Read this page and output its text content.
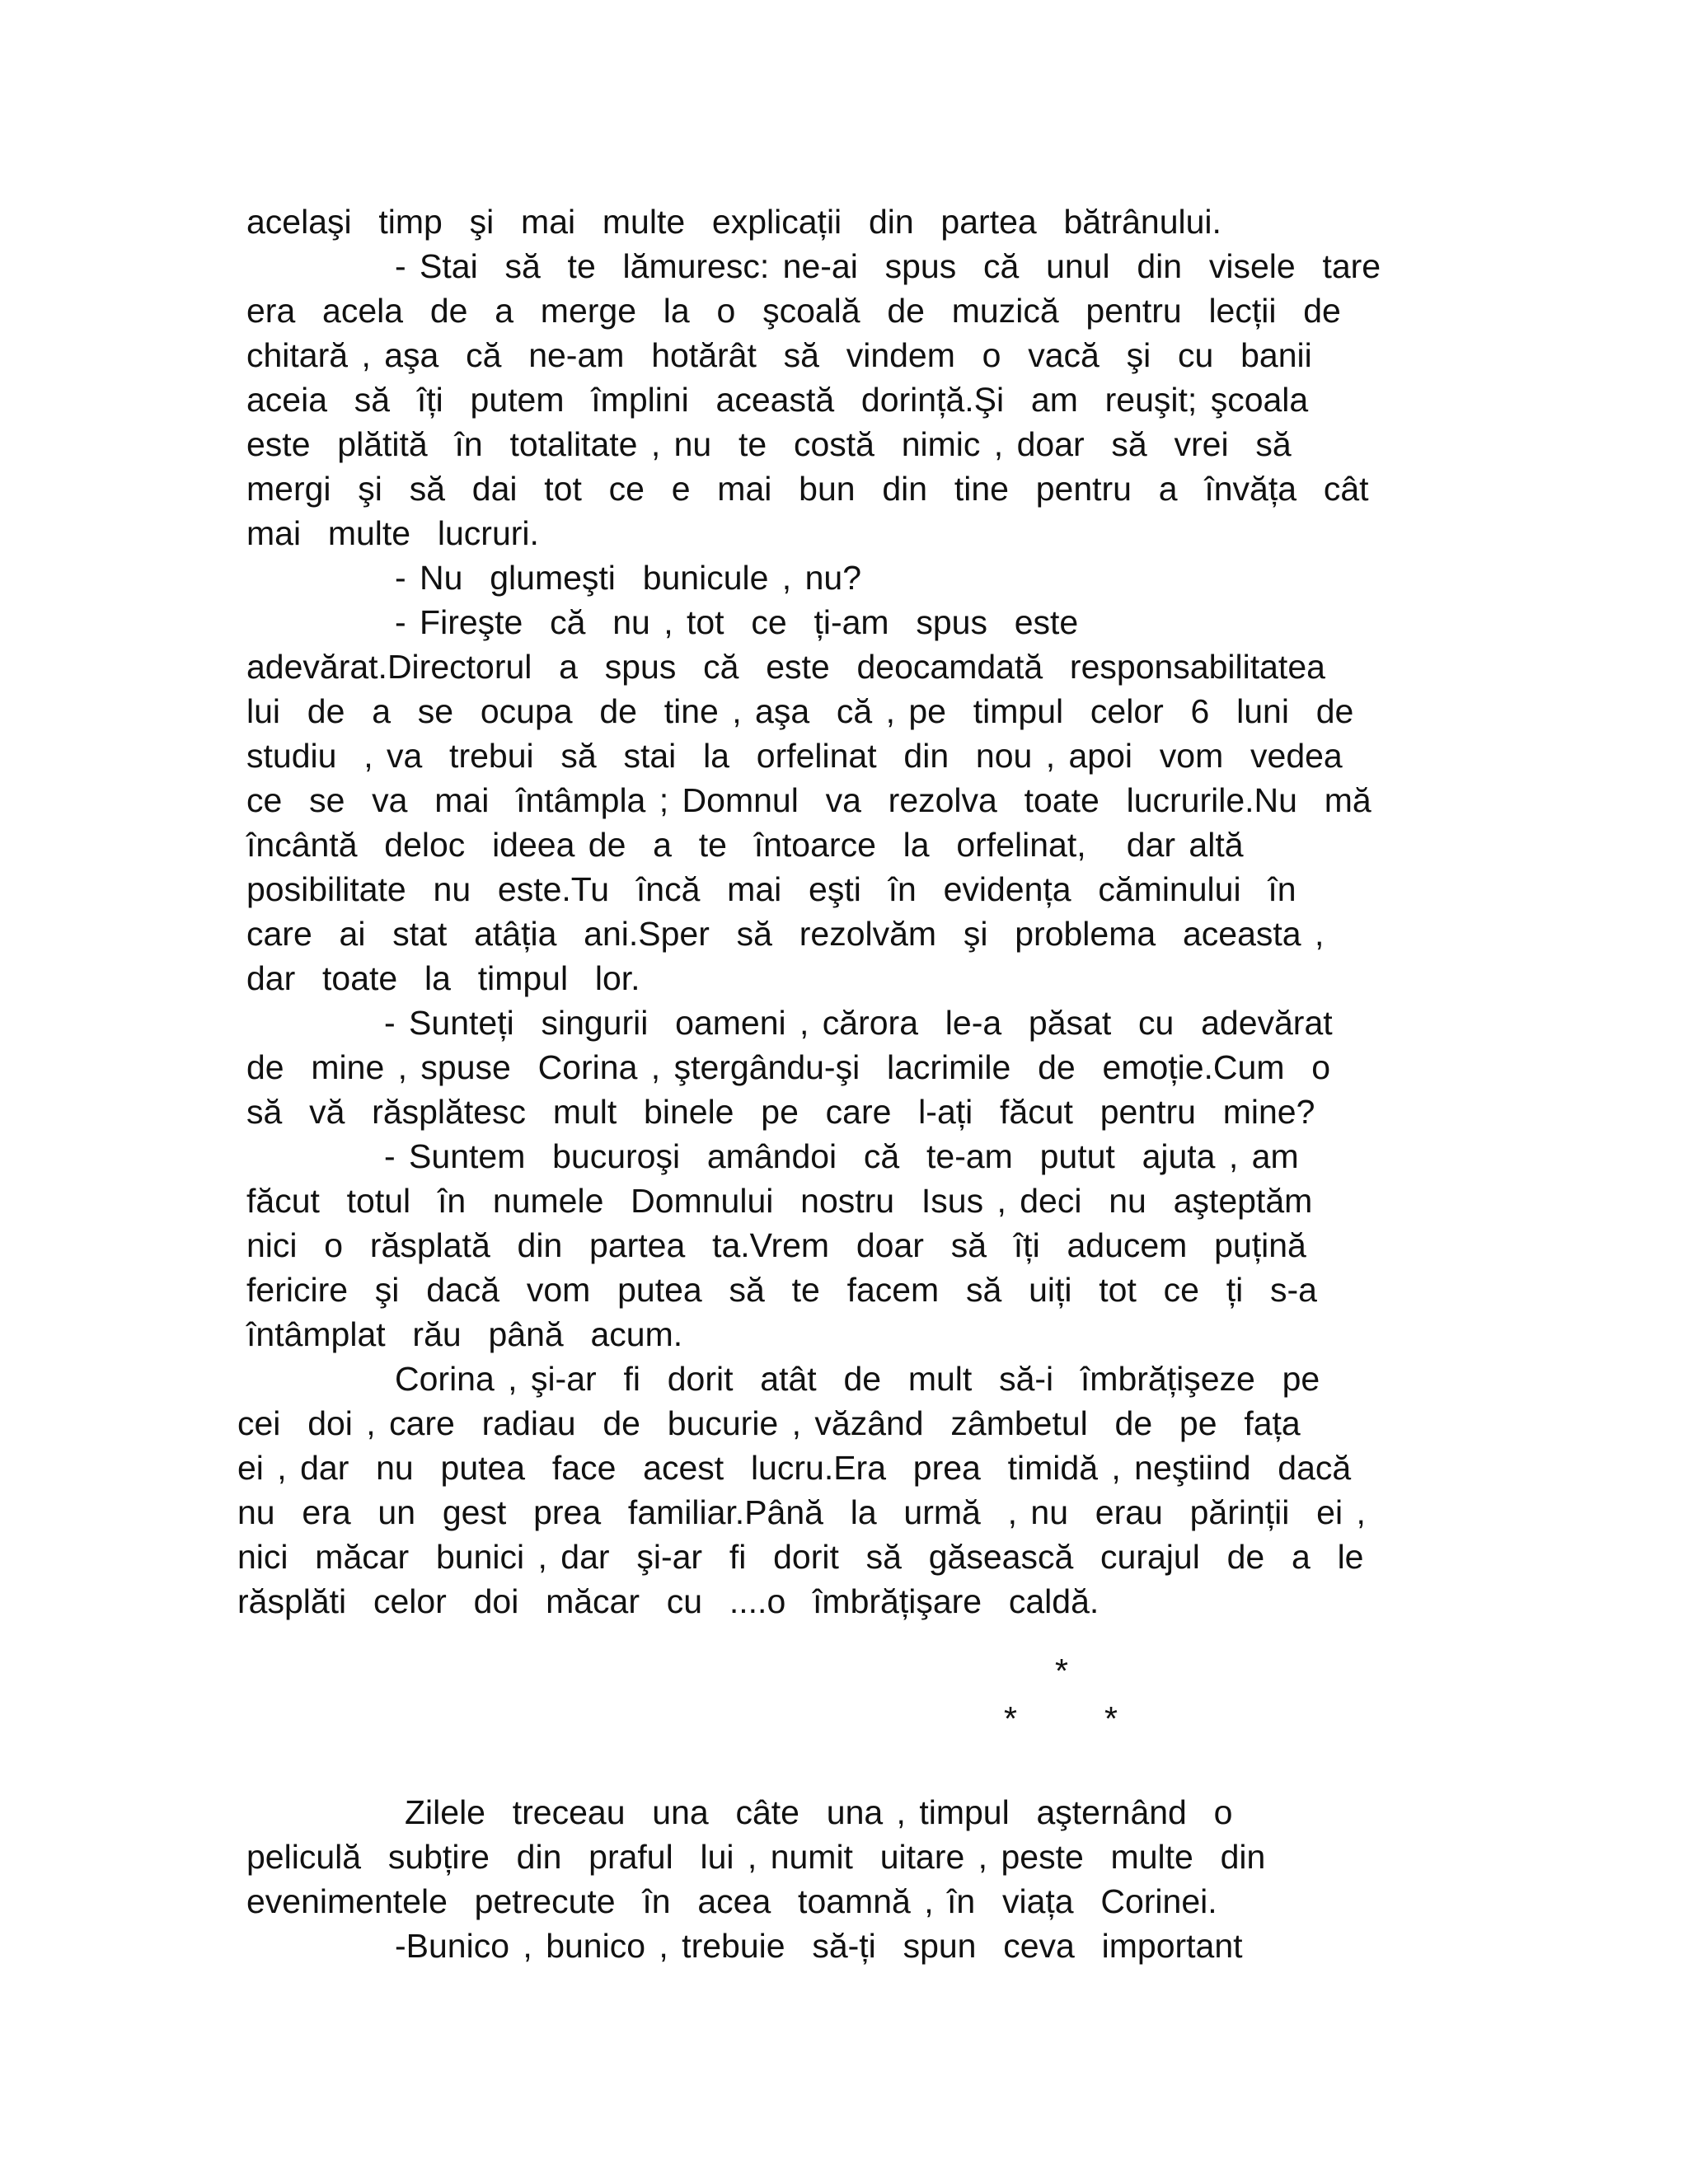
acelaşi  timp  şi  mai  multe  explicații  din  partea  bătrânului.

- Stai  să  te  lămuresc: ne-ai  spus  că  unul  din  visele  tare

era  acela  de  a  merge  la  o  şcoală  de  muzică  pentru  lecții  de

chitară , aşa  că  ne-am  hotărât  să  vindem  o  vacă  şi  cu  banii

aceia  să  îți  putem  împlini  această  dorință.Şi  am  reuşit; şcoala

este  plătită  în  totalitate , nu  te  costă  nimic , doar  să  vrei  să

mergi  şi  să  dai  tot  ce  e  mai  bun  din  tine  pentru  a  învăța  cât

mai  multe  lucruri.

- Nu  glumeşti  bunicule , nu?

- Fireşte  că  nu , tot  ce  ți-am  spus  este

adevărat.Directorul  a  spus  că  este  deocamdată  responsabilitatea

lui  de  a  se  ocupa  de  tine , aşa  că , pe  timpul  celor  6  luni  de

studiu  , va  trebui  să  stai  la  orfelinat  din  nou , apoi  vom  vedea

ce  se  va  mai  întâmpla ; Domnul  va  rezolva  toate  lucrurile.Nu  mă

încântă  deloc  ideea de  a  te  întoarce  la  orfelinat,   dar altă

posibilitate  nu  este.Tu  încă  mai  eşti  în  evidența  căminului  în

care  ai  stat  atâția  ani.Sper  să  rezolvăm  şi  problema  aceasta ,

dar  toate  la  timpul  lor.

- Sunteți  singurii  oameni , cărora  le-a  păsat  cu  adevărat

de  mine , spuse  Corina , ştergându-şi  lacrimile  de  emoție.Cum  o

să  vă  răsplătesc  mult  binele  pe  care  l-ați  făcut  pentru  mine?

- Suntem  bucuroşi  amândoi  că  te-am  putut  ajuta , am

făcut  totul  în  numele  Domnului  nostru  Isus , deci  nu  aşteptăm

nici  o  răsplată  din  partea  ta.Vrem  doar  să  îți  aducem  puțină

fericire  şi  dacă  vom  putea  să  te  facem  să  uiți  tot  ce  ți  s-a

întâmplat  rău  până  acum.

Corina , şi-ar  fi  dorit  atât  de  mult  să-i  îmbrățişeze  pe

cei  doi , care  radiau  de  bucurie , văzând  zâmbetul  de  pe  fața

ei , dar  nu  putea  face  acest  lucru.Era  prea  timidă , neştiind  dacă

nu  era  un  gest  prea  familiar.Până  la  urmă  , nu  erau  părinții  ei ,

nici  măcar  bunici , dar  şi-ar  fi  dorit  să  găsească  curajul  de  a  le

răsplăti  celor  doi  măcar  cu  ....o  îmbrățişare  caldă.

*
*	*

Zilele  treceau  una  câte  una , timpul  aşternând  o

peliculă  subțire  din  praful  lui , numit  uitare , peste  multe  din

evenimentele  petrecute  în  acea  toamnă , în  viața  Corinei.

-Bunico , bunico , trebuie  să-ți  spun  ceva  important
